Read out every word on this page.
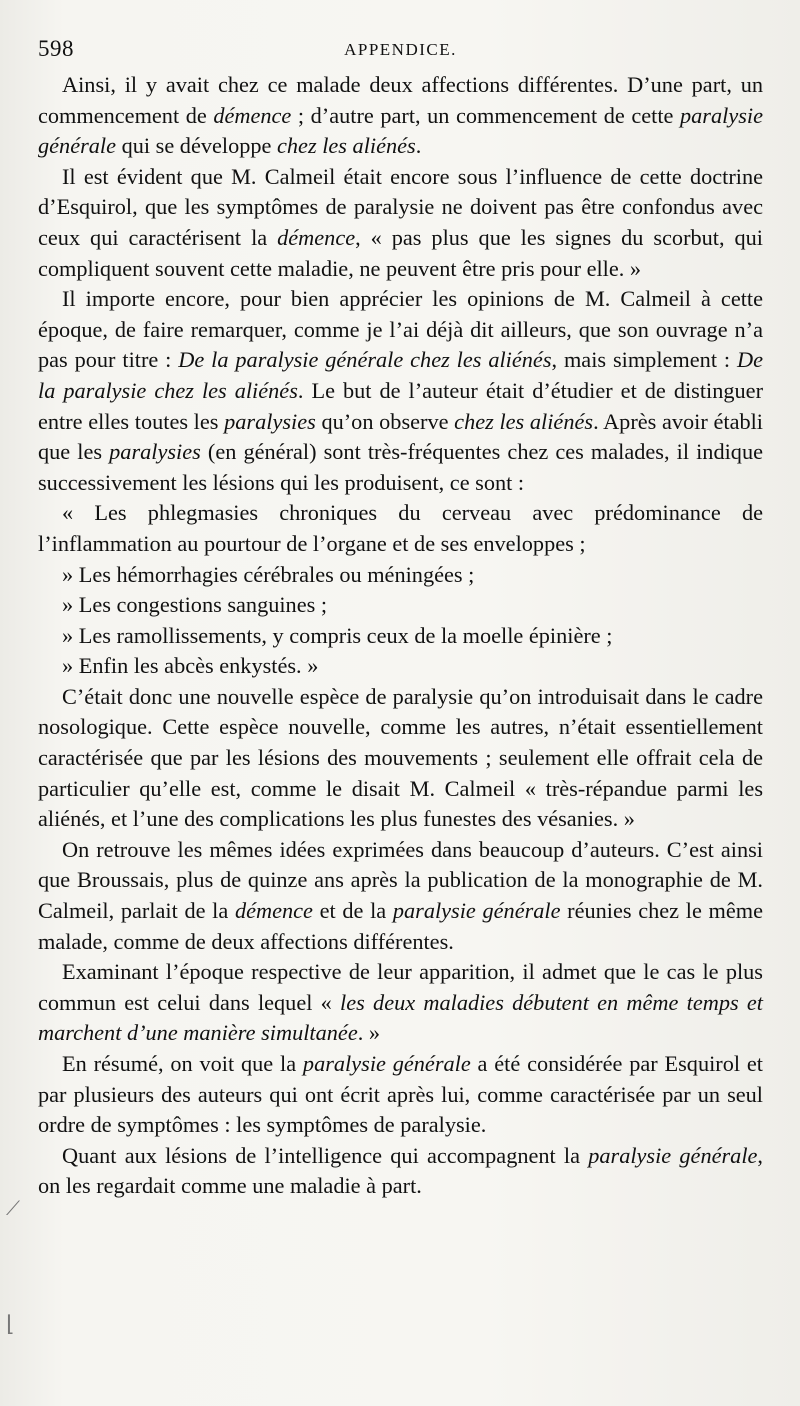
598	APPENDICE.

Ainsi, il y avait chez ce malade deux affections différentes. D’une part, un commencement de démence ; d’autre part, un commencement de cette paralysie générale qui se développe chez les aliénés.

Il est évident que M. Calmeil était encore sous l’influence de cette doctrine d’Esquirol, que les symptômes de paralysie ne doivent pas être confondus avec ceux qui caractérisent la démence, « pas plus que les signes du scorbut, qui compliquent souvent cette maladie, ne peuvent être pris pour elle. »

Il importe encore, pour bien apprécier les opinions de M. Calmeil à cette époque, de faire remarquer, comme je l’ai déjà dit ailleurs, que son ouvrage n’a pas pour titre : De la paralysie générale chez les aliénés, mais simplement : De la paralysie chez les aliénés. Le but de l’auteur était d’étudier et de distinguer entre elles toutes les paralysies qu’on observe chez les aliénés. Après avoir établi que les paralysies (en général) sont très-fréquentes chez ces malades, il indique successivement les lésions qui les produisent, ce sont :

« Les phlegmasies chroniques du cerveau avec prédominance de l’inflammation au pourtour de l’organe et de ses enveloppes ;

» Les hémorrhagies cérébrales ou méningées ;

» Les congestions sanguines ;

» Les ramollissements, y compris ceux de la moelle épinière ;

» Enfin les abcès enkystés. »

C’était donc une nouvelle espèce de paralysie qu’on introduisait dans le cadre nosologique. Cette espèce nouvelle, comme les autres, n’était essentiellement caractérisée que par les lésions des mouvements ; seulement elle offrait cela de particulier qu’elle est, comme le disait M. Calmeil « très-répandue parmi les aliénés, et l’une des complications les plus funestes des vésanies. »

On retrouve les mêmes idées exprimées dans beaucoup d’auteurs. C’est ainsi que Broussais, plus de quinze ans après la publication de la monographie de M. Calmeil, parlait de la démence et de la paralysie générale réunies chez le même malade, comme de deux affections différentes.

Examinant l’époque respective de leur apparition, il admet que le cas le plus commun est celui dans lequel « les deux maladies débutent en même temps et marchent d’une manière simultanée. »

En résumé, on voit que la paralysie générale a été considérée par Esquirol et par plusieurs des auteurs qui ont écrit après lui, comme caractérisée par un seul ordre de symptômes : les symptômes de paralysie.

Quant aux lésions de l’intelligence qui accompagnent la paralysie générale, on les regardait comme une maladie à part.

⟋
⌊
